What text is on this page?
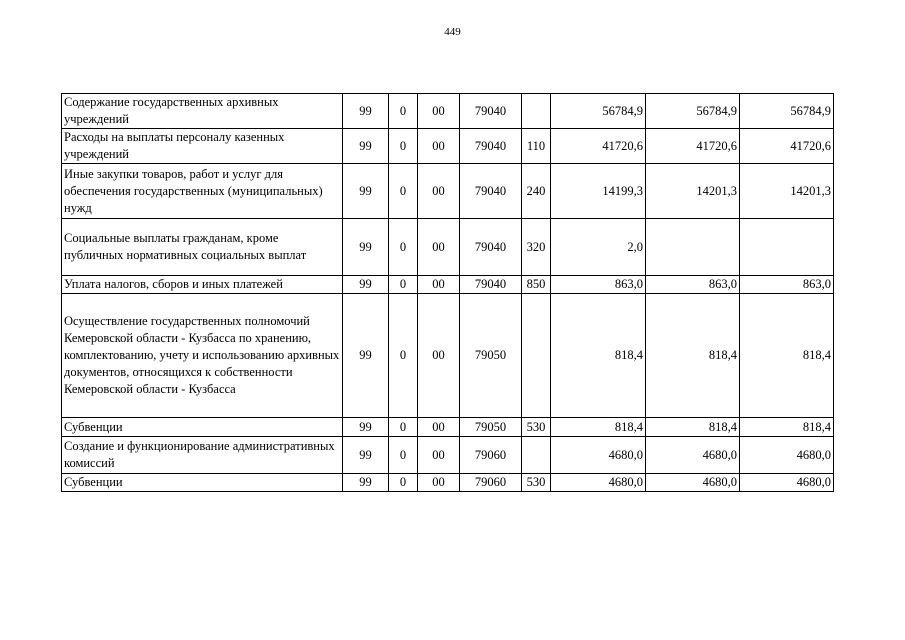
449
Содержание государственных архивных учреждений	99	0	00	79040		56784,9	56784,9	56784,9
Расходы на выплаты персоналу казенных учреждений	99	0	00	79040	110	41720,6	41720,6	41720,6
Иные закупки товаров, работ и услуг для обеспечения государственных (муниципальных) нужд	99	0	00	79040	240	14199,3	14201,3	14201,3
Социальные выплаты гражданам, кроме публичных нормативных социальных выплат	99	0	00	79040	320	2,0		
Уплата налогов, сборов и иных платежей	99	0	00	79040	850	863,0	863,0	863,0
Осуществление государственных полномочий Кемеровской области - Кузбасса по хранению, комплектованию, учету и использованию архивных документов, относящихся к собственности Кемеровской области - Кузбасса	99	0	00	79050		818,4	818,4	818,4
Субвенции	99	0	00	79050	530	818,4	818,4	818,4
Создание и функционирование административных комиссий	99	0	00	79060		4680,0	4680,0	4680,0
Субвенции	99	0	00	79060	530	4680,0	4680,0	4680,0
